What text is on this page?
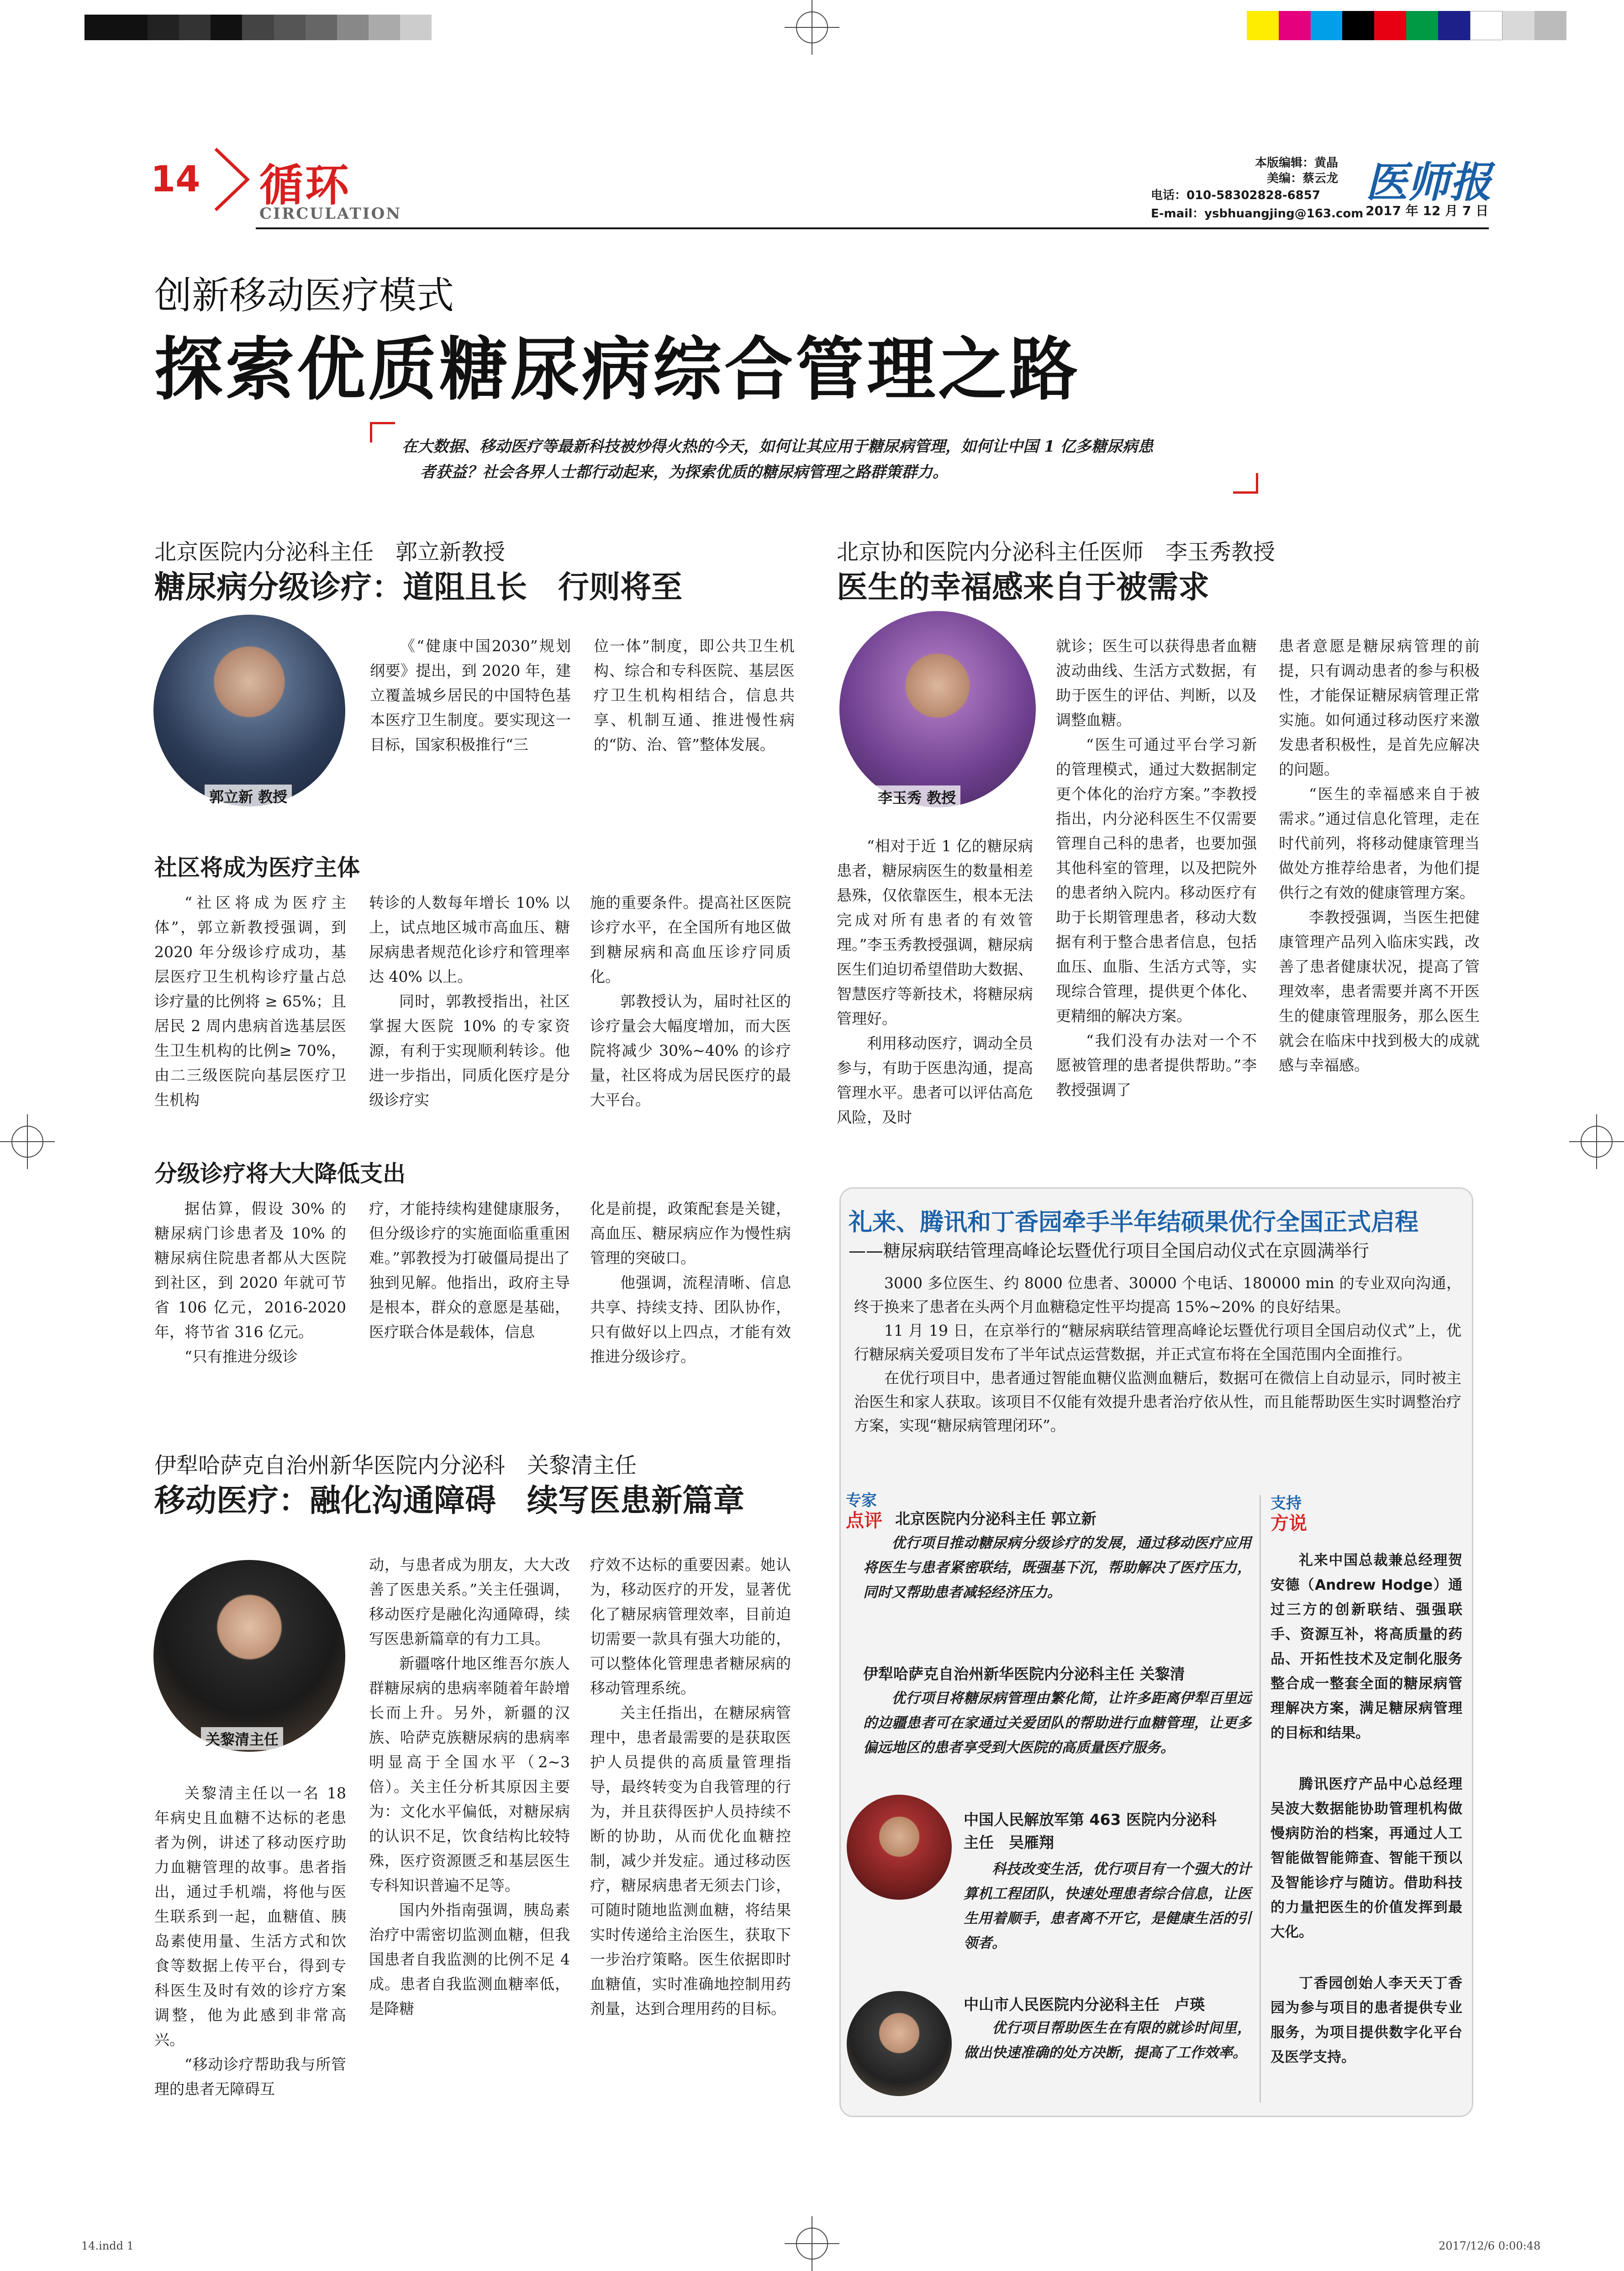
14 循环
CIRCULATION
本版编辑：黄晶
美编：蔡云龙
电话：010-58302828-6857
E-mail：ysbhuangjing@163.com
医师报
2017 年 12 月 7 日
创新移动医疗模式
探索优质糖尿病综合管理之路
在大数据、移动医疗等最新科技被炒得火热的今天，如何让其应用于糖尿病管理，如何让中国 1 亿多糖尿病患
者获益？社会各界人士都行动起来，为探索优质的糖尿病管理之路群策群力。
北京医院内分泌科主任　郭立新教授
糖尿病分级诊疗：道阻且长　行则将至
郭立新 教授

《“健康中国2030”规划纲要》提出，到 2020 年，建立覆盖城乡居民的中国特色基本医疗卫生制度。要实现这一目标，国家积极推行“三

位一体”制度，即公共卫生机构、综合和专科医院、基层医疗卫生机构相结合，信息共享、机制互通、推进慢性病的“防、治、管”整体发展。

社区将成为医疗主体

“社区将成为医疗主体”，郭立新教授强调，到 2020 年分级诊疗成功，基层医疗卫生机构诊疗量占总诊疗量的比例将 ≥ 65%；且居民 2 周内患病首选基层医生卫生机构的比例≥ 70%，由二三级医院向基层医疗卫生机构

转诊的人数每年增长 10% 以上，试点地区城市高血压、糖尿病患者规范化诊疗和管理率达 40% 以上。

同时，郭教授指出，社区掌握大医院 10% 的专家资源，有利于实现顺利转诊。他进一步指出，同质化医疗是分级诊疗实

施的重要条件。提高社区医院诊疗水平，在全国所有地区做到糖尿病和高血压诊疗同质化。

郭教授认为，届时社区的诊疗量会大幅度增加，而大医院将减少 30%~40% 的诊疗量，社区将成为居民医疗的最大平台。

分级诊疗将大大降低支出

据估算，假设 30% 的糖尿病门诊患者及 10% 的糖尿病住院患者都从大医院到社区，到 2020 年就可节省 106 亿元，2016-2020 年，将节省 316 亿元。

“只有推进分级诊

疗，才能持续构建健康服务，但分级诊疗的实施面临重重困难。”郭教授为打破僵局提出了独到见解。他指出，政府主导是根本，群众的意愿是基础，医疗联合体是载体，信息

化是前提，政策配套是关键，高血压、糖尿病应作为慢性病管理的突破口。

他强调，流程清晰、信息共享、持续支持、团队协作，只有做好以上四点，才能有效推进分级诊疗。

北京协和医院内分泌科主任医师　李玉秀教授
医生的幸福感来自于被需求
李玉秀 教授

“相对于近 1 亿的糖尿病患者，糖尿病医生的数量相差悬殊，仅依靠医生，根本无法完成对所有患者的有效管理。”李玉秀教授强调，糖尿病医生们迫切希望借助大数据、智慧医疗等新技术，将糖尿病管理好。

利用移动医疗，调动全员参与，有助于医患沟通，提高管理水平。患者可以评估高危风险，及时

就诊；医生可以获得患者血糖波动曲线、生活方式数据，有助于医生的评估、判断，以及调整血糖。

“医生可通过平台学习新的管理模式，通过大数据制定更个体化的治疗方案。”李教授指出，内分泌科医生不仅需要管理自己科的患者，也要加强其他科室的管理，以及把院外的患者纳入院内。移动医疗有助于长期管理患者，移动大数据有利于整合患者信息，包括血压、血脂、生活方式等，实现综合管理，提供更个体化、更精细的解决方案。

“我们没有办法对一个不愿被管理的患者提供帮助。”李教授强调了

患者意愿是糖尿病管理的前提，只有调动患者的参与积极性，才能保证糖尿病管理正常实施。如何通过移动医疗来激发患者积极性，是首先应解决的问题。

“医生的幸福感来自于被需求。”通过信息化管理，走在时代前列，将移动健康管理当做处方推荐给患者，为他们提供行之有效的健康管理方案。

李教授强调，当医生把健康管理产品列入临床实践，改善了患者健康状况，提高了管理效率，患者需要并离不开医生的健康管理服务，那么医生就会在临床中找到极大的成就感与幸福感。

伊犁哈萨克自治州新华医院内分泌科　关黎清主任
移动医疗：融化沟通障碍　续写医患新篇章
关黎清主任

关黎清主任以一名 18 年病史且血糖不达标的老患者为例，讲述了移动医疗助力血糖管理的故事。患者指出，通过手机端，将他与医生联系到一起，血糖值、胰岛素使用量、生活方式和饮食等数据上传平台，得到专科医生及时有效的诊疗方案调整，他为此感到非常高兴。

“移动诊疗帮助我与所管理的患者无障碍互

动，与患者成为朋友，大大改善了医患关系。”关主任强调，移动医疗是融化沟通障碍，续写医患新篇章的有力工具。

新疆喀什地区维吾尔族人群糖尿病的患病率随着年龄增长而上升。另外，新疆的汉族、哈萨克族糖尿病的患病率明显高于全国水平（2~3 倍）。关主任分析其原因主要为：文化水平偏低，对糖尿病的认识不足，饮食结构比较特殊，医疗资源匮乏和基层医生专科知识普遍不足等。

国内外指南强调，胰岛素治疗中需密切监测血糖，但我国患者自我监测的比例不足 4 成。患者自我监测血糖率低，是降糖

疗效不达标的重要因素。她认为，移动医疗的开发，显著优化了糖尿病管理效率，目前迫切需要一款具有强大功能的，可以整体化管理患者糖尿病的移动管理系统。

关主任指出，在糖尿病管理中，患者最需要的是获取医护人员提供的高质量管理指导，最终转变为自我管理的行为，并且获得医护人员持续不断的协助，从而优化血糖控制，减少并发症。通过移动医疗，糖尿病患者无须去门诊，可随时随地监测血糖，将结果实时传递给主治医生，获取下一步治疗策略。医生依据即时血糖值，实时准确地控制用药剂量，达到合理用药的目标。

礼来、腾讯和丁香园牵手半年结硕果优行全国正式启程
——糖尿病联结管理高峰论坛暨优行项目全国启动仪式在京圆满举行

3000 多位医生、约 8000 位患者、30000 个电话、180000 min 的专业双向沟通，终于换来了患者在头两个月血糖稳定性平均提高 15%~20% 的良好结果。

11 月 19 日，在京举行的“糖尿病联结管理高峰论坛暨优行项目全国启动仪式”上，优行糖尿病关爱项目发布了半年试点运营数据，并正式宣布将在全国范围内全面推行。

在优行项目中，患者通过智能血糖仪监测血糖后，数据可在微信上自动显示，同时被主治医生和家人获取。该项目不仅能有效提升患者治疗依从性，而且能帮助医生实时调整治疗方案，实现“糖尿病管理闭环”。

专家
点评 北京医院内分泌科主任 郭立新

优行项目推动糖尿病分级诊疗的发展，通过移动医疗应用将医生与患者紧密联结，既强基下沉，帮助解决了医疗压力，同时又帮助患者减轻经济压力。

伊犁哈萨克自治州新华医院内分泌科主任 关黎清

优行项目将糖尿病管理由繁化简，让许多距离伊犁百里远的边疆患者可在家通过关爱团队的帮助进行血糖管理，让更多偏远地区的患者享受到大医院的高质量医疗服务。

中国人民解放军第 463 医院内分泌科
主任　吴雁翔

科技改变生活，优行项目有一个强大的计算机工程团队，快速处理患者综合信息，让医生用着顺手，患者离不开它，是健康生活的引领者。

中山市人民医院内分泌科主任　卢瑛

优行项目帮助医生在有限的就诊时间里，做出快速准确的处方决断，提高了工作效率。

支持
方说

礼来中国总裁兼总经理贺安德（Andrew Hodge）通过三方的创新联结、强强联手、资源互补，将高质量的药品、开拓性技术及定制化服务整合成一整套全面的糖尿病管理解决方案，满足糖尿病管理的目标和结果。

腾讯医疗产品中心总经理吴波大数据能协助管理机构做慢病防治的档案，再通过人工智能做智能筛查、智能干预以及智能诊疗与随访。借助科技的力量把医生的价值发挥到最大化。

丁香园创始人李天天丁香园为参与项目的患者提供专业服务，为项目提供数字化平台及医学支持。

14.indd 1	2017/12/6 0:00:48
